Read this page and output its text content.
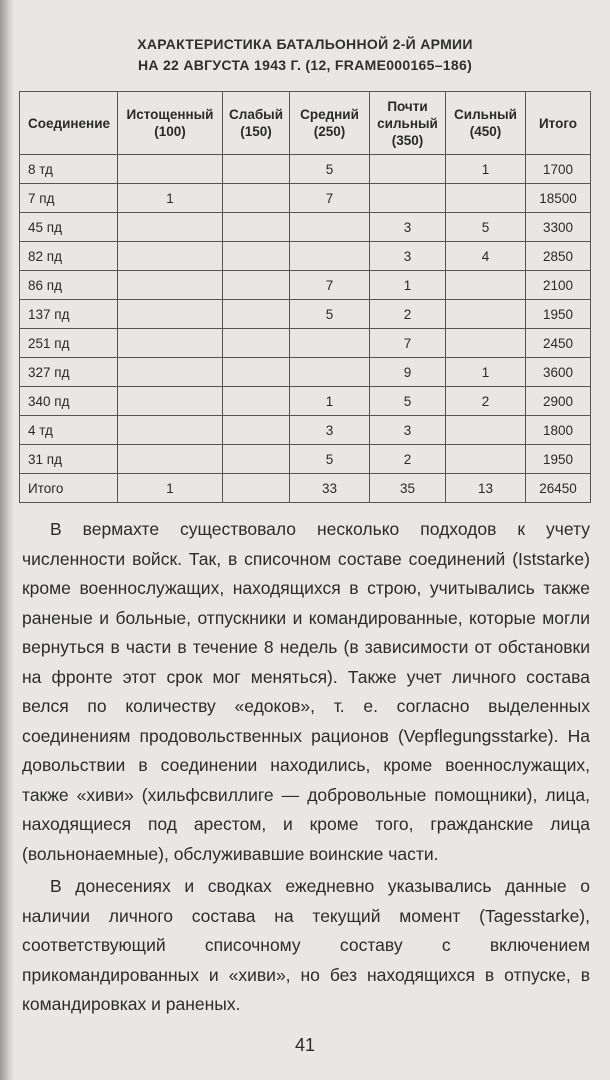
ХАРАКТЕРИСТИКА БАТАЛЬОННОЙ 2-Й АРМИИ
НА 22 АВГУСТА 1943 Г. (12, FRAME000165–186)
Соединение	Истощенный (100)	Слабый (150)	Средний (250)	Почти сильный (350)	Сильный (450)	Итого
8 тд			5		1	1700
7 пд	1		7			18500
45 пд				3	5	3300
82 пд				3	4	2850
86 пд			7	1		2100
137 пд			5	2		1950
251 пд				7		2450
327 пд				9	1	3600
340 пд			1	5	2	2900
4 тд			3	3		1800
31 пд			5	2		1950
Итого	1		33	35	13	26450

В вермахте существовало несколько подходов к учету численности войск. Так, в списочном составе соединений (Iststarke) кроме военнослужащих, находящихся в строю, учитывались также раненые и больные, отпускники и командированные, которые могли вернуться в части в течение 8 недель (в зависимости от обстановки на фронте этот срок мог меняться). Также учет личного состава велся по количеству «едоков», т. е. согласно выделенных соединениям продовольственных рационов (Vepflegungsstarke). На довольствии в соединении находились, кроме военнослужащих, также «хиви» (хильфсвиллиге — добровольные помощники), лица, находящиеся под арестом, и кроме того, гражданские лица (вольнонаемные), обслуживавшие воинские части.

В донесениях и сводках ежедневно указывались данные о наличии личного состава на текущий момент (Tagesstarke), соответствующий списочному составу с включением прикомандированных и «хиви», но без находящихся в отпуске, в командировках и раненых.

41
